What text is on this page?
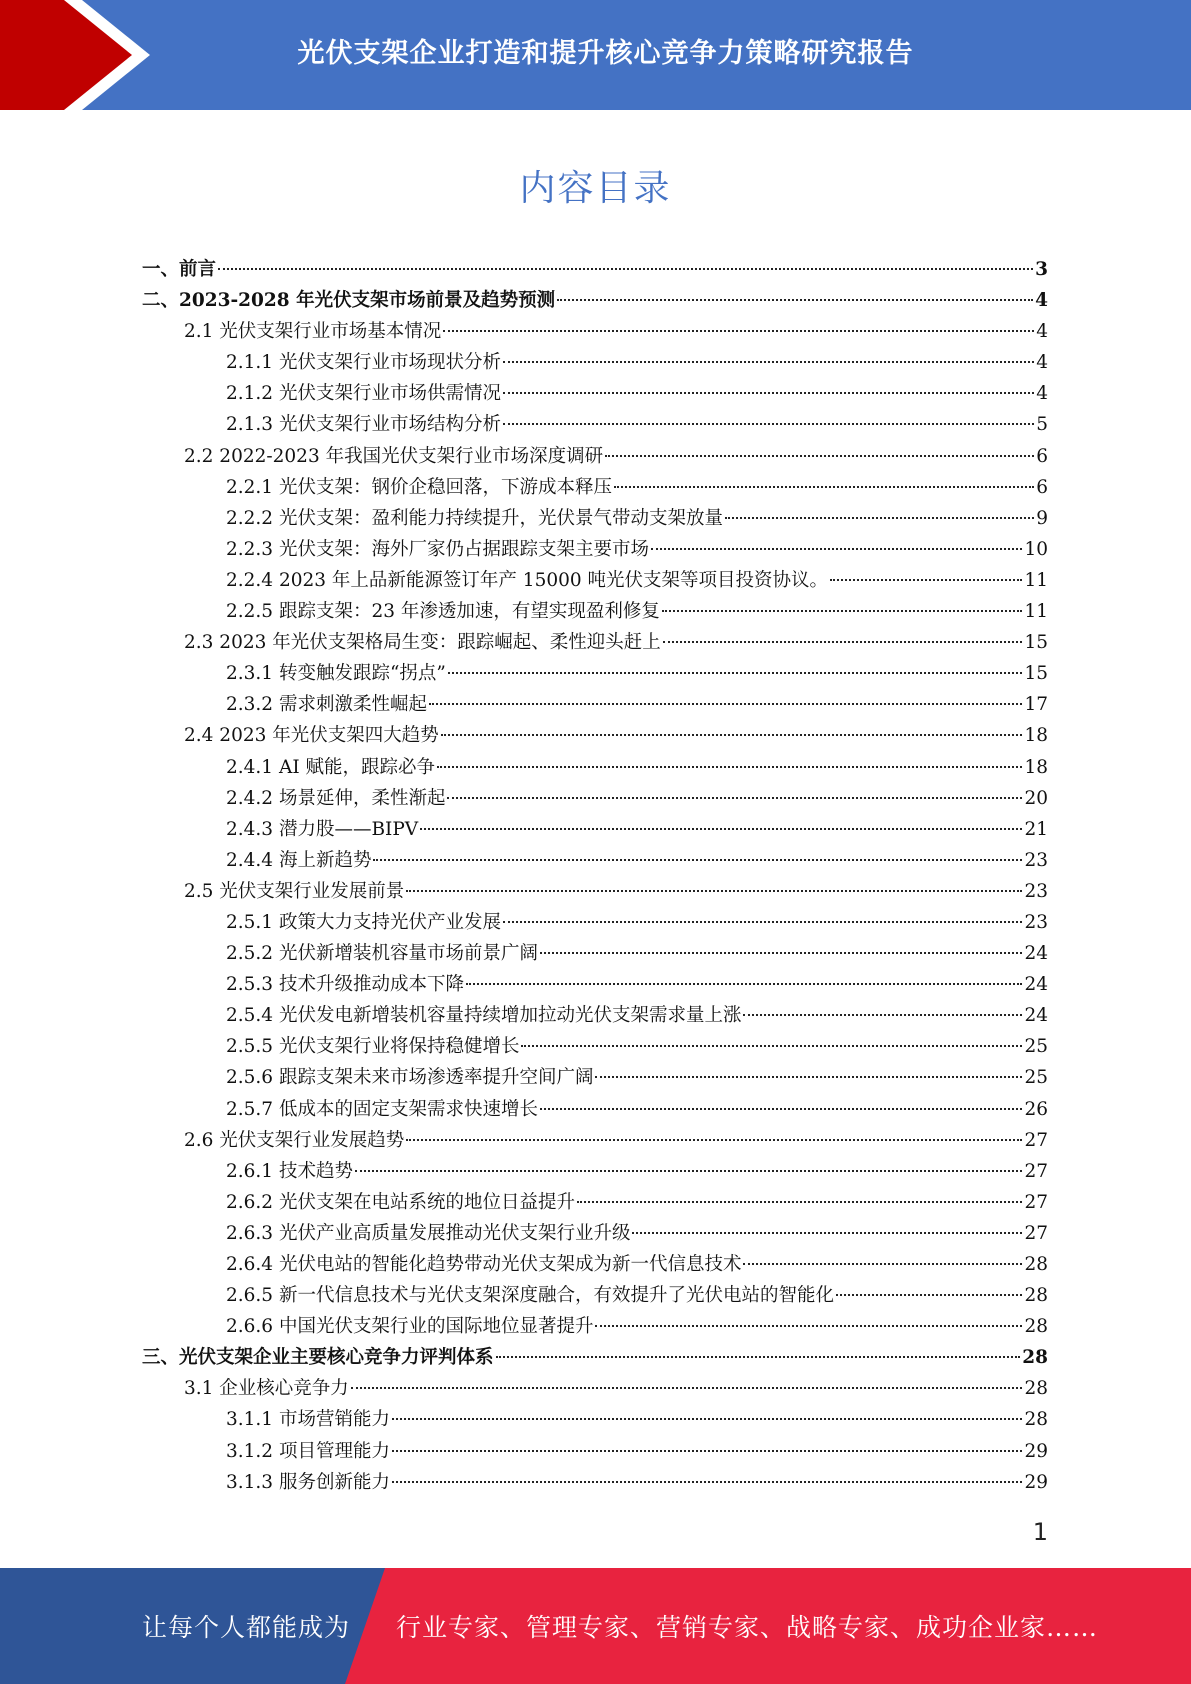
光伏支架企业打造和提升核心竞争力策略研究报告
内容目录
一、前言	3
二、2023-2028 年光伏支架市场前景及趋势预测	4
2.1 光伏支架行业市场基本情况	4
2.1.1 光伏支架行业市场现状分析	4
2.1.2 光伏支架行业市场供需情况	4
2.1.3 光伏支架行业市场结构分析	5
2.2 2022-2023 年我国光伏支架行业市场深度调研	6
2.2.1 光伏支架：钢价企稳回落，下游成本释压	6
2.2.2 光伏支架：盈利能力持续提升，光伏景气带动支架放量	9
2.2.3 光伏支架：海外厂家仍占据跟踪支架主要市场	10
2.2.4 2023 年上品新能源签订年产 15000 吨光伏支架等项目投资协议。	11
2.2.5 跟踪支架：23 年渗透加速，有望实现盈利修复	11
2.3 2023 年光伏支架格局生变：跟踪崛起、柔性迎头赶上	15
2.3.1 转变触发跟踪“拐点”	15
2.3.2 需求刺激柔性崛起	17
2.4 2023 年光伏支架四大趋势	18
2.4.1 AI 赋能，跟踪必争	18
2.4.2 场景延伸，柔性渐起	20
2.4.3 潜力股——BIPV	21
2.4.4 海上新趋势	23
2.5 光伏支架行业发展前景	23
2.5.1 政策大力支持光伏产业发展	23
2.5.2 光伏新增装机容量市场前景广阔	24
2.5.3 技术升级推动成本下降	24
2.5.4 光伏发电新增装机容量持续增加拉动光伏支架需求量上涨	24
2.5.5 光伏支架行业将保持稳健增长	25
2.5.6 跟踪支架未来市场渗透率提升空间广阔	25
2.5.7 低成本的固定支架需求快速增长	26
2.6 光伏支架行业发展趋势	27
2.6.1 技术趋势	27
2.6.2 光伏支架在电站系统的地位日益提升	27
2.6.3 光伏产业高质量发展推动光伏支架行业升级	27
2.6.4 光伏电站的智能化趋势带动光伏支架成为新一代信息技术	28
2.6.5 新一代信息技术与光伏支架深度融合，有效提升了光伏电站的智能化	28
2.6.6 中国光伏支架行业的国际地位显著提升	28
三、光伏支架企业主要核心竞争力评判体系	28
3.1 企业核心竞争力	28
3.1.1 市场营销能力	28
3.1.2 项目管理能力	29
3.1.3 服务创新能力	29
1
让每个人都能成为 行业专家、管理专家、营销专家、战略专家、成功企业家……
